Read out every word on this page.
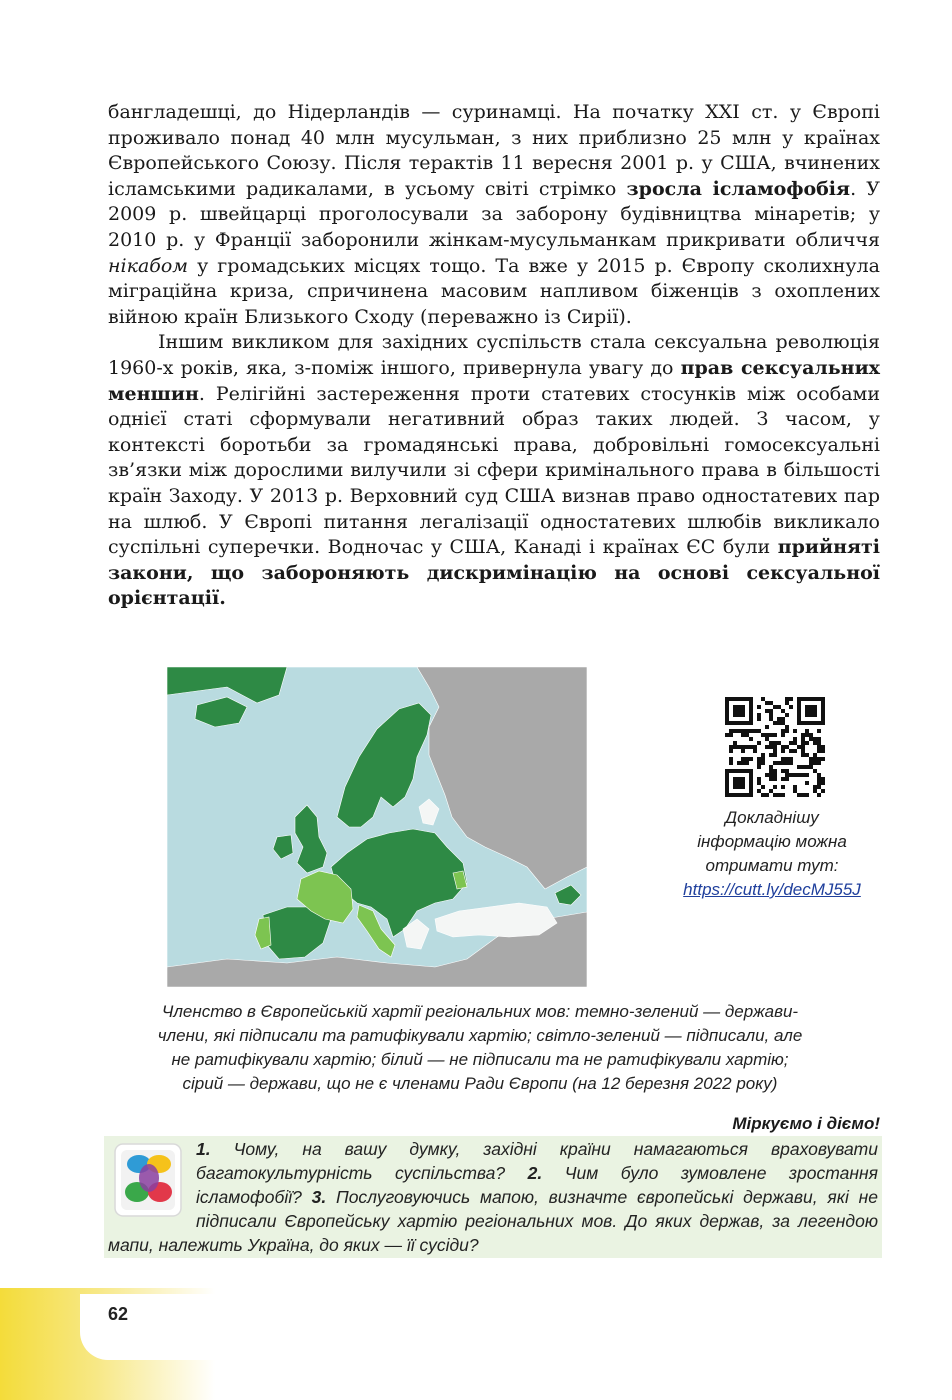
бангладешці, до Нідерландів — суринамці. На початку XXI ст. у Європі проживало понад 40 млн мусульман, з них приблизно 25 млн у країнах Європейського Союзу. Після терактів 11 вересня 2001 р. у США, вчинених ісламськими радикалами, в усьому світі стрімко зросла ісламофобія. У 2009 р. швейцарці проголосували за заборону будівництва мінаретів; у 2010 р. у Франції заборонили жінкам-мусульманкам прикривати обличчя нікабом у громадських місцях тощо. Та вже у 2015 р. Європу сколихнула міграційна криза, спричинена масовим напливом біженців з охоплених війною країн Близького Сходу (переважно із Сирії).

Іншим викликом для західних суспільств стала сексуальна революція 1960-х років, яка, з-поміж іншого, привернула увагу до прав сексуальних меншин. Релігійні застереження проти статевих стосунків між особами однієї статі сформували негативний образ таких людей. З часом, у контексті боротьби за громадянські права, добровільні гомосексуальні зв’язки між дорослими вилучили зі сфери кримінального права в більшості країн Заходу. У 2013 р. Верховний суд США визнав право одностатевих пар на шлюб. У Європі питання легалізації одностатевих шлюбів викликало суспільні суперечки. Водночас у США, Канаді і країнах ЄС були прийняті закони, що забороняють дискримінацію на основі сексуальної орієнтації.

Докладнішу
інформацію можна
отримати тут:
https://cutt.ly/decMJ55J
Членство в Європейській хартії регіональних мов: темно-зелений — держави-
члени, які підписали та ратифікували хартію; світло-зелений — підписали, але
не ратифікували хартію; білий — не підписали та не ратифікували хартію;
сірий — держави, що не є членами Ради Європи (на 12 березня 2022 року)
Міркуємо і діємо!
1. Чому, на вашу думку, західні країни намагаються враховувати багатокультурність суспільства? 2. Чим було зумовлене зростання ісламофобії? 3. Послуговуючись мапою, визначте європейські держави, які не підписали Європейську хартію регіональних мов. До яких держав, за легендою мапи, належить Україна, до яких — її сусіди?
62
